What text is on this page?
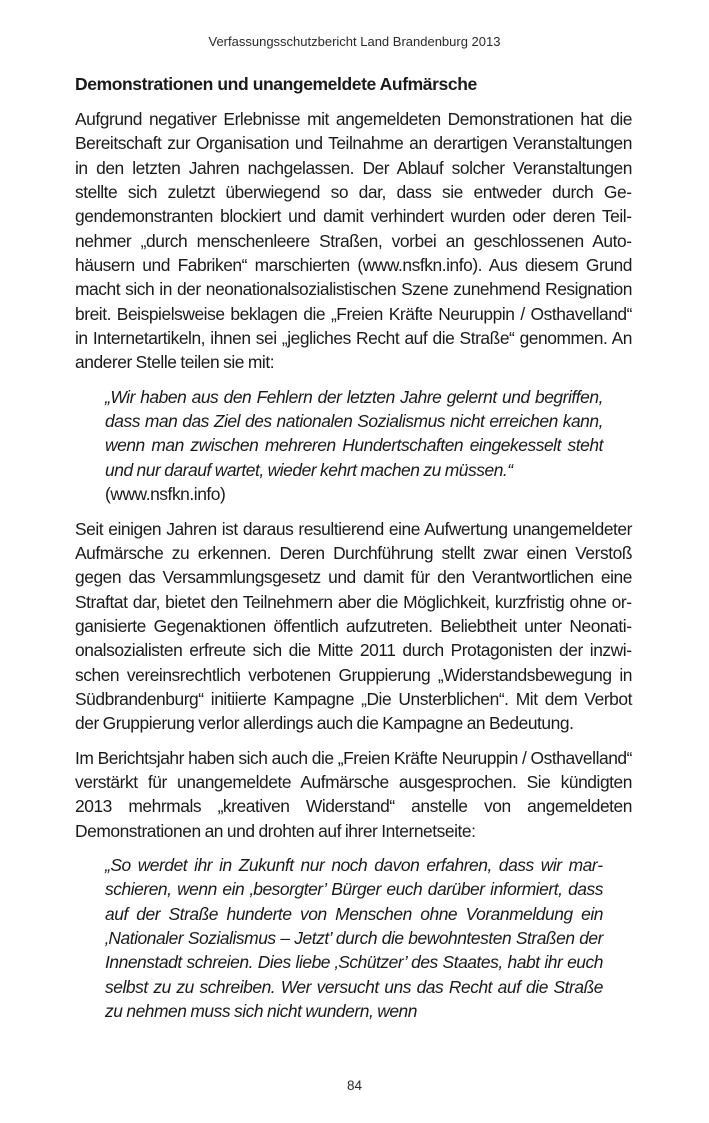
Verfassungsschutzbericht Land Brandenburg 2013
Demonstrationen und unangemeldete Aufmärsche

Aufgrund negativer Erlebnisse mit angemeldeten Demonstrationen hat die Bereitschaft zur Organisation und Teilnahme an derartigen Veranstaltungen in den letzten Jahren nachgelassen. Der Ablauf solcher Veranstaltungen stellte sich zuletzt überwiegend so dar, dass sie entweder durch Gegendemonstranten blockiert und damit verhindert wurden oder deren Teilnehmer „durch menschenleere Straßen, vorbei an geschlossenen Autohäusern und Fabriken“ marschierten (www.nsfkn.info). Aus diesem Grund macht sich in der neonationalsozialistischen Szene zunehmend Resignation breit. Beispielsweise beklagen die „Freien Kräfte Neuruppin / Osthavelland“ in Internetartikeln, ihnen sei „jegliches Recht auf die Straße“ genommen. An anderer Stelle teilen sie mit:

„Wir haben aus den Fehlern der letzten Jahre gelernt und begriffen, dass man das Ziel des nationalen Sozialismus nicht erreichen kann, wenn man zwischen mehreren Hundertschaften eingekesselt steht und nur darauf wartet, wieder kehrt machen zu müssen.“
(www.nsfkn.info)

Seit einigen Jahren ist daraus resultierend eine Aufwertung unangemeldeter Aufmärsche zu erkennen. Deren Durchführung stellt zwar einen Verstoß gegen das Versammlungsgesetz und damit für den Verantwortlichen eine Straftat dar, bietet den Teilnehmern aber die Möglichkeit, kurzfristig ohne organisierte Gegenaktionen öffentlich aufzutreten. Beliebtheit unter Neonationalsozialisten erfreute sich die Mitte 2011 durch Protagonisten der inzwischen vereinsrechtlich verbotenen Gruppierung „Widerstandsbewegung in Südbrandenburg“ initiierte Kampagne „Die Unsterblichen“. Mit dem Verbot der Gruppierung verlor allerdings auch die Kampagne an Bedeutung.

Im Berichtsjahr haben sich auch die „Freien Kräfte Neuruppin / Osthavelland“ verstärkt für unangemeldete Aufmärsche ausgesprochen. Sie kündigten 2013 mehrmals „kreativen Widerstand“ anstelle von angemeldeten Demonstrationen an und drohten auf ihrer Internetseite:

„So werdet ihr in Zukunft nur noch davon erfahren, dass wir marschieren, wenn ein ‚besorgter’ Bürger euch darüber informiert, dass auf der Straße hunderte von Menschen ohne Voranmeldung ein ‚Nationaler Sozialismus – Jetzt’ durch die bewohntesten Straßen der Innenstadt schreien. Dies liebe ‚Schützer’ des Staates, habt ihr euch selbst zu zu schreiben. Wer versucht uns das Recht auf die Straße zu nehmen muss sich nicht wundern, wenn
84
